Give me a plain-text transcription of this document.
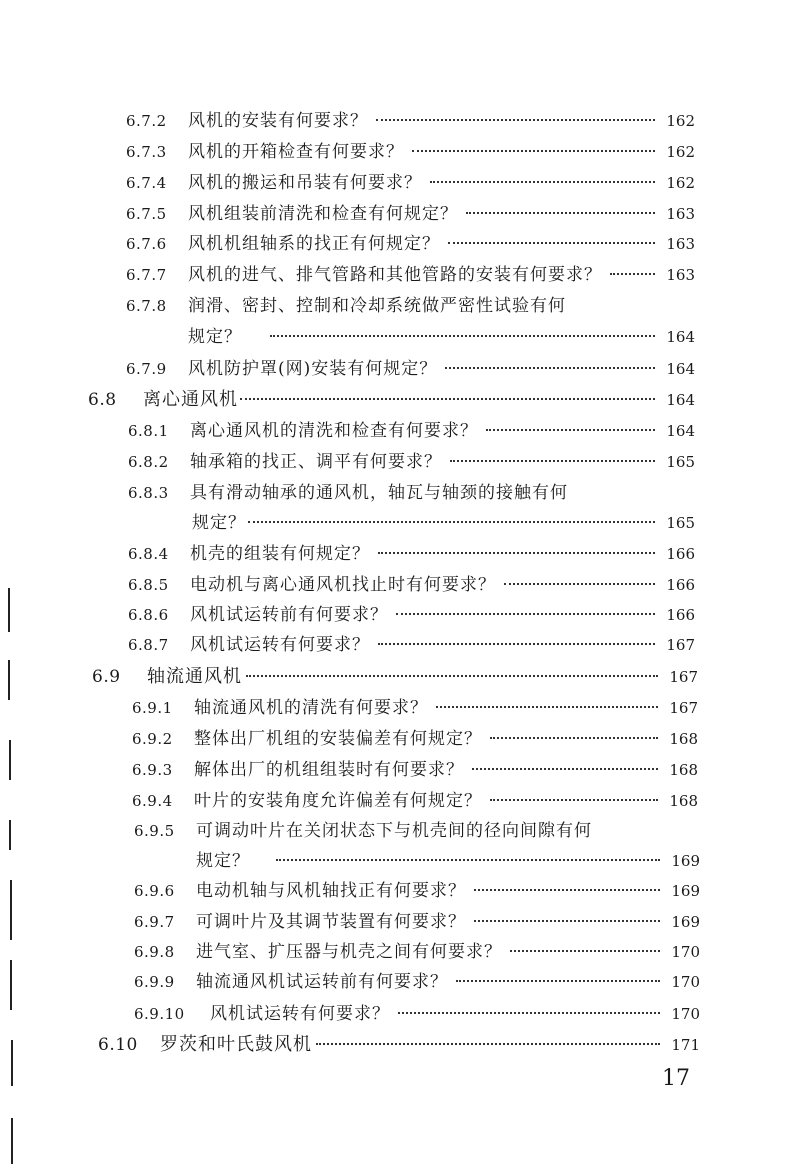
6.7.2	风机的安装有何要求？	162
6.7.3	风机的开箱检查有何要求？	162
6.7.4	风机的搬运和吊装有何要求？	162
6.7.5	风机组装前清洗和检查有何规定？	163
6.7.6	风机机组轴系的找正有何规定？	163
6.7.7	风机的进气、排气管路和其他管路的安装有何要求？	163
6.7.8	润滑、密封、控制和冷却系统做严密性试验有何
规定？	164
6.7.9	风机防护罩(网)安装有何规定？	164
6.8	离心通风机	164
6.8.1	离心通风机的清洗和检查有何要求？	164
6.8.2	轴承箱的找正、调平有何要求？	165
6.8.3	具有滑动轴承的通风机，轴瓦与轴颈的接触有何
规定？	165
6.8.4	机壳的组装有何规定？	166
6.8.5	电动机与离心通风机找止时有何要求？	166
6.8.6	风机试运转前有何要求？	166
6.8.7	风机试运转有何要求？	167
6.9	轴流通风机	167
6.9.1	轴流通风机的清洗有何要求？	167
6.9.2	整体出厂机组的安装偏差有何规定？	168
6.9.3	解体出厂的机组组装时有何要求？	168
6.9.4	叶片的安装角度允许偏差有何规定？	168
6.9.5	可调动叶片在关闭状态下与机壳间的径向间隙有何
规定？	169
6.9.6	电动机轴与风机轴找正有何要求？	169
6.9.7	可调叶片及其调节装置有何要求？	169
6.9.8	进气室、扩压器与机壳之间有何要求？	170
6.9.9	轴流通风机试运转前有何要求？	170
6.9.10	风机试运转有何要求？	170
6.10	罗茨和叶氏鼓风机	171
17
